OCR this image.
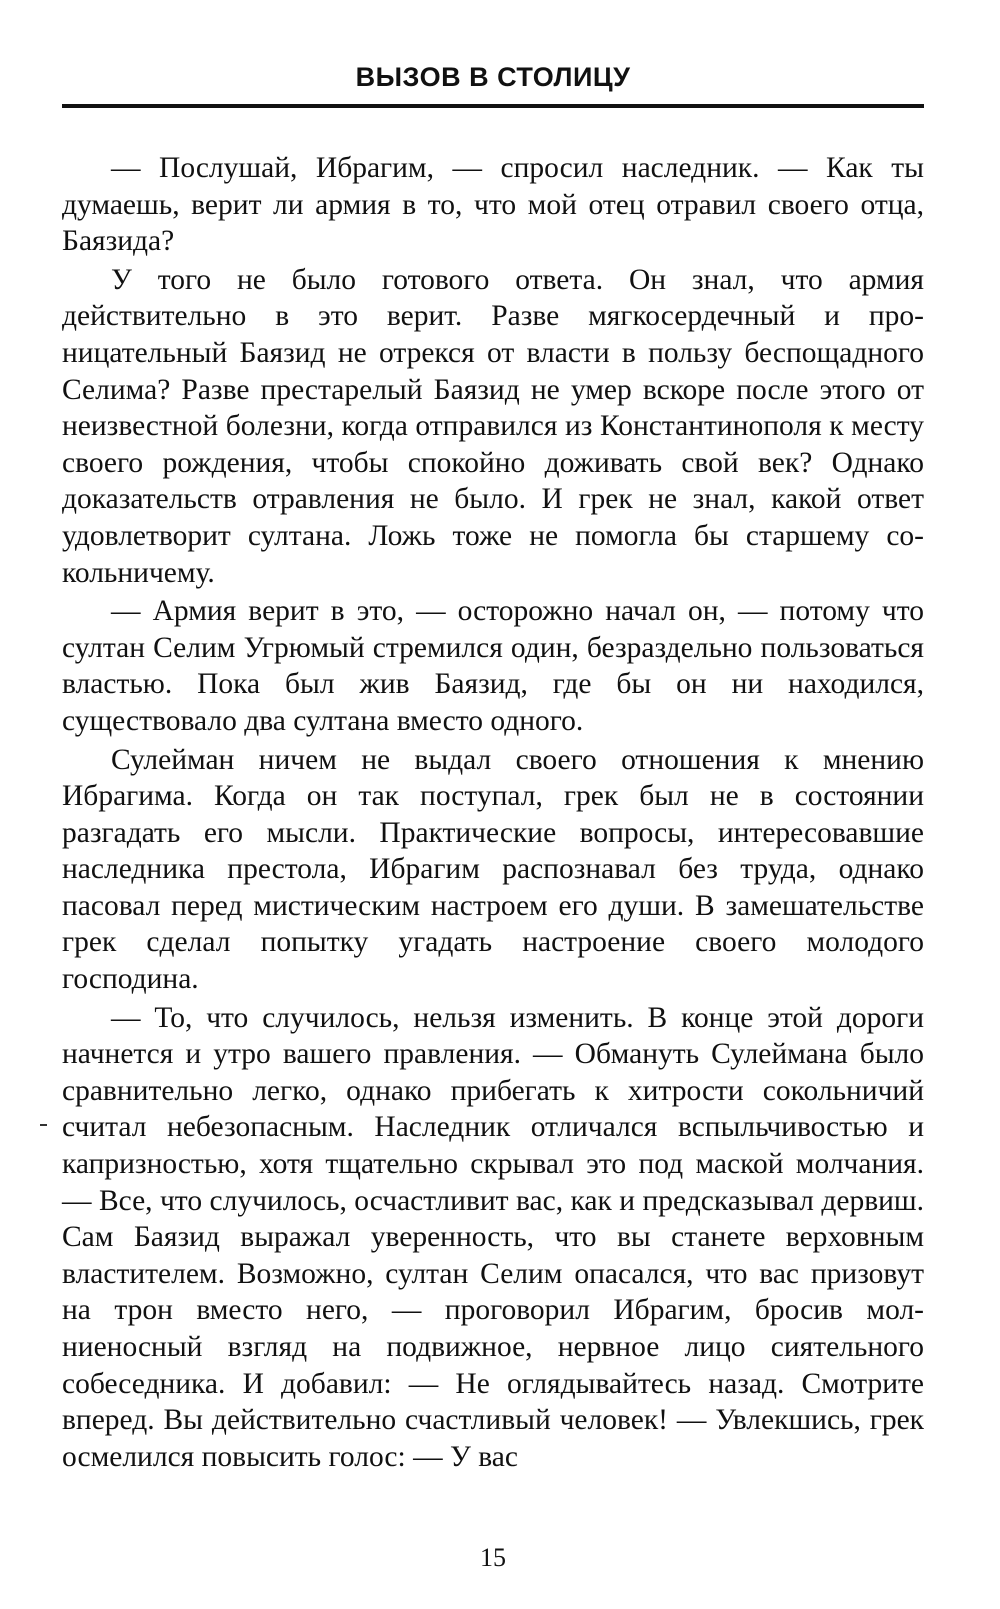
ВЫЗОВ В СТОЛИЦУ

— Послушай, Ибрагим, — спросил наследник. — Как ты думаешь, верит ли армия в то, что мой отец отравил своего отца, Баязида?

У того не было готового ответа. Он знал, что армия действительно в это верит. Разве мягкосердечный и проницательный Баязид не отрекся от власти в пользу беспощадного Селима? Разве престарелый Баязид не умер вскоре после этого от неизвестной болезни, когда отправился из Константинополя к месту своего рождения, чтобы спокойно доживать свой век? Однако доказательств отравления не было. И грек не знал, какой ответ удовлетворит султана. Ложь тоже не помогла бы старшему сокольничему.

— Армия верит в это, — осторожно начал он, — потому что султан Селим Угрюмый стремился один, безраздельно пользоваться властью. Пока был жив Баязид, где бы он ни находился, существовало два султана вместо одного.

Сулейман ничем не выдал своего отношения к мнению Ибрагима. Когда он так поступал, грек был не в состоянии разгадать его мысли. Практические вопросы, интересовавшие наследника престола, Ибрагим распознавал без труда, однако пасовал перед мистическим настроем его души. В замешательстве грек сделал попытку угадать настроение своего молодого господина.

— То, что случилось, нельзя изменить. В конце этой дороги начнется и утро вашего правления. — Обмануть Сулеймана было сравнительно легко, однако прибегать к хитрости сокольничий считал небезопасным. Наследник отличался вспыльчивостью и капризностью, хотя тщательно скрывал это под маской молчания. — Все, что случилось, осчастливит вас, как и предсказывал дервиш. Сам Баязид выражал уверенность, что вы станете верховным властителем. Возможно, султан Селим опасался, что вас призовут на трон вместо него, — проговорил Ибрагим, бросив молниеносный взгляд на подвижное, нервное лицо сиятельного собеседника. И добавил: — Не оглядывайтесь назад. Смотрите вперед. Вы действительно счастливый человек! — Увлекшись, грек осмелился повысить голос: — У вас

15
